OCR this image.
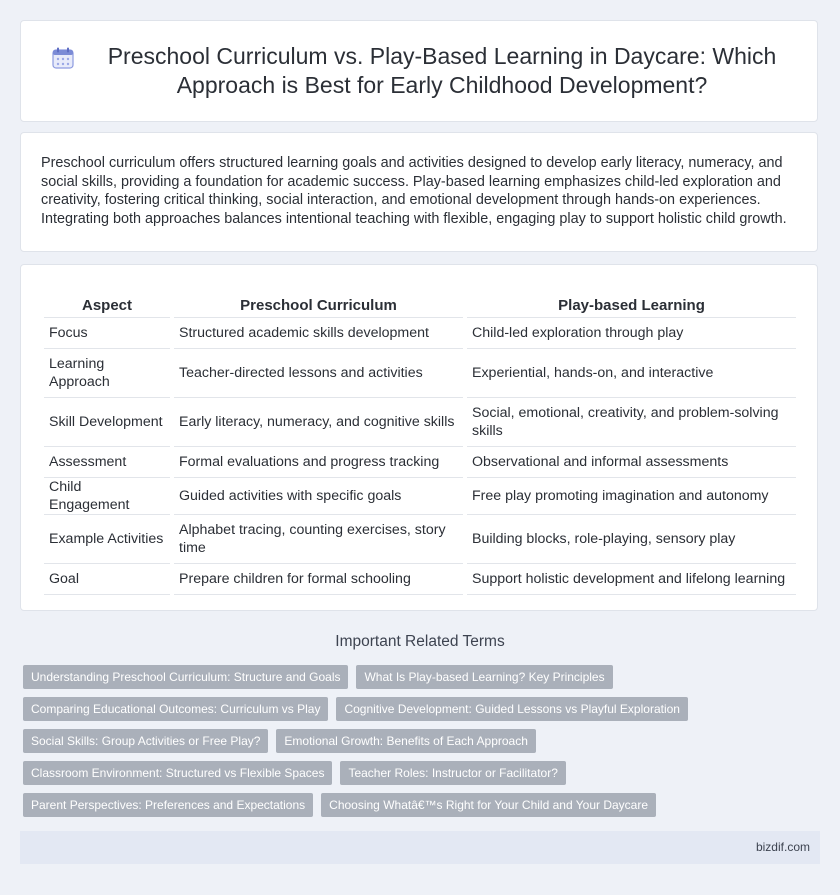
Preschool Curriculum vs. Play-Based Learning in Daycare: Which Approach is Best for Early Childhood Development?

Preschool curriculum offers structured learning goals and activities designed to develop early literacy, numeracy, and social skills, providing a foundation for academic success. Play-based learning emphasizes child-led exploration and creativity, fostering critical thinking, social interaction, and emotional development through hands-on experiences. Integrating both approaches balances intentional teaching with flexible, engaging play to support holistic child growth.

Aspect	Preschool Curriculum	Play-based Learning
Focus	Structured academic skills development	Child-led exploration through play
Learning Approach	Teacher-directed lessons and activities	Experiential, hands-on, and interactive
Skill Development	Early literacy, numeracy, and cognitive skills	Social, emotional, creativity, and problem-solving skills
Assessment	Formal evaluations and progress tracking	Observational and informal assessments
Child Engagement	Guided activities with specific goals	Free play promoting imagination and autonomy
Example Activities	Alphabet tracing, counting exercises, story time	Building blocks, role-playing, sensory play
Goal	Prepare children for formal schooling	Support holistic development and lifelong learning
Important Related Terms
Understanding Preschool Curriculum: Structure and Goals	What Is Play-based Learning? Key Principles
Comparing Educational Outcomes: Curriculum vs Play	Cognitive Development: Guided Lessons vs Playful Exploration
Social Skills: Group Activities or Free Play?	Emotional Growth: Benefits of Each Approach
Classroom Environment: Structured vs Flexible Spaces	Teacher Roles: Instructor or Facilitator?
Parent Perspectives: Preferences and Expectations	Choosing Whatâ€™s Right for Your Child and Your Daycare
bizdif.com
